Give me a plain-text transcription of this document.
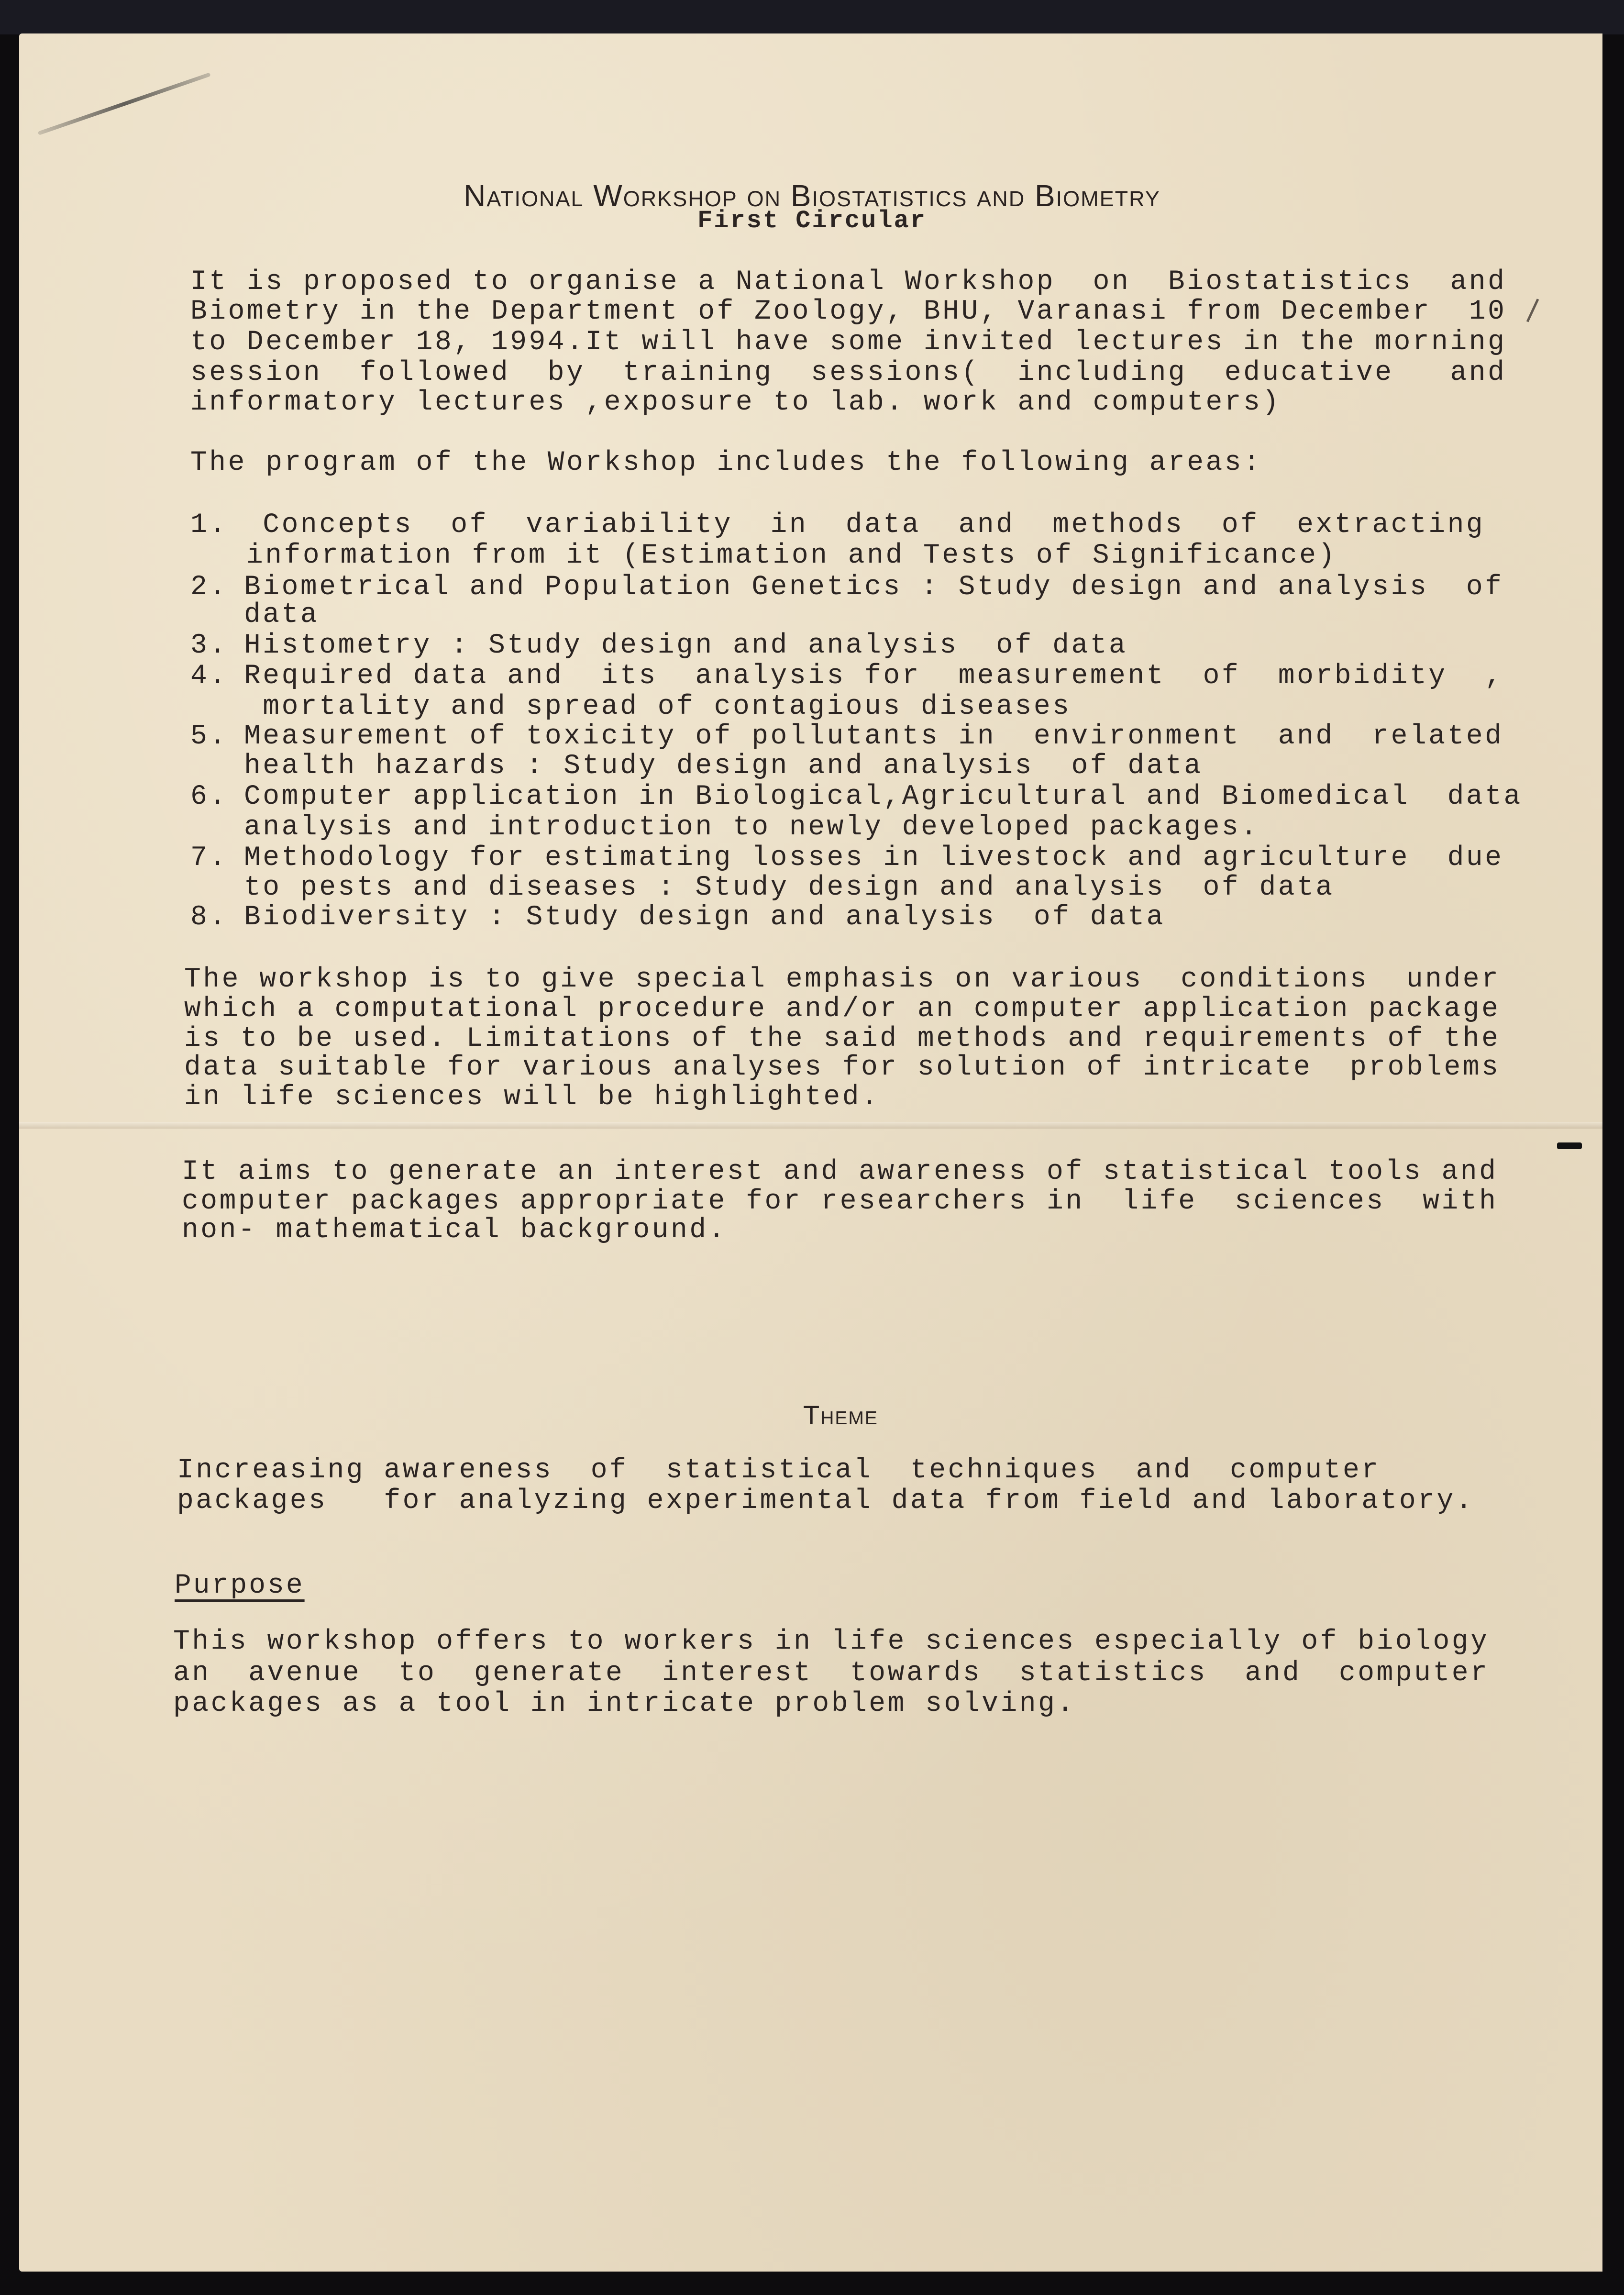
National Workshop on Biostatistics and Biometry
First Circular
It is proposed to organise a National Workshop  on  Biostatistics  and
Biometry in the Department of Zoology, BHU, Varanasi from December  10
to December 18, 1994.It will have some invited lectures in the morning
session  followed  by  training  sessions(  including  educative   and
informatory lectures ,exposure to lab. work and computers)
The program of the Workshop includes the following areas:
1. Concepts  of  variability  in  data  and  methods  of  extracting
information from it (Estimation and Tests of Significance)
2. Biometrical and Population Genetics : Study design and analysis  of
data
3. Histometry : Study design and analysis  of data
4. Required data and  its  analysis for  measurement  of  morbidity  ,
mortality and spread of contagious diseases
5. Measurement of toxicity of pollutants in  environment  and  related
health hazards : Study design and analysis  of data
6. Computer application in Biological,Agricultural and Biomedical  data
analysis and introduction to newly developed packages.
7. Methodology for estimating losses in livestock and agriculture  due
to pests and diseases : Study design and analysis  of data
8. Biodiversity : Study design and analysis  of data
The workshop is to give special emphasis on various  conditions  under
which a computational procedure and/or an computer application package
is to be used. Limitations of the said methods and requirements of the
data suitable for various analyses for solution of intricate  problems
in life sciences will be highlighted.
It aims to generate an interest and awareness of statistical tools and
computer packages appropriate for researchers in  life  sciences  with
non- mathematical background.
Theme
Increasing awareness  of  statistical  techniques  and  computer
packages   for analyzing experimental data from field and laboratory.
Purpose
This workshop offers to workers in life sciences especially of biology
an  avenue  to  generate  interest  towards  statistics  and  computer
packages as a tool in intricate problem solving.
